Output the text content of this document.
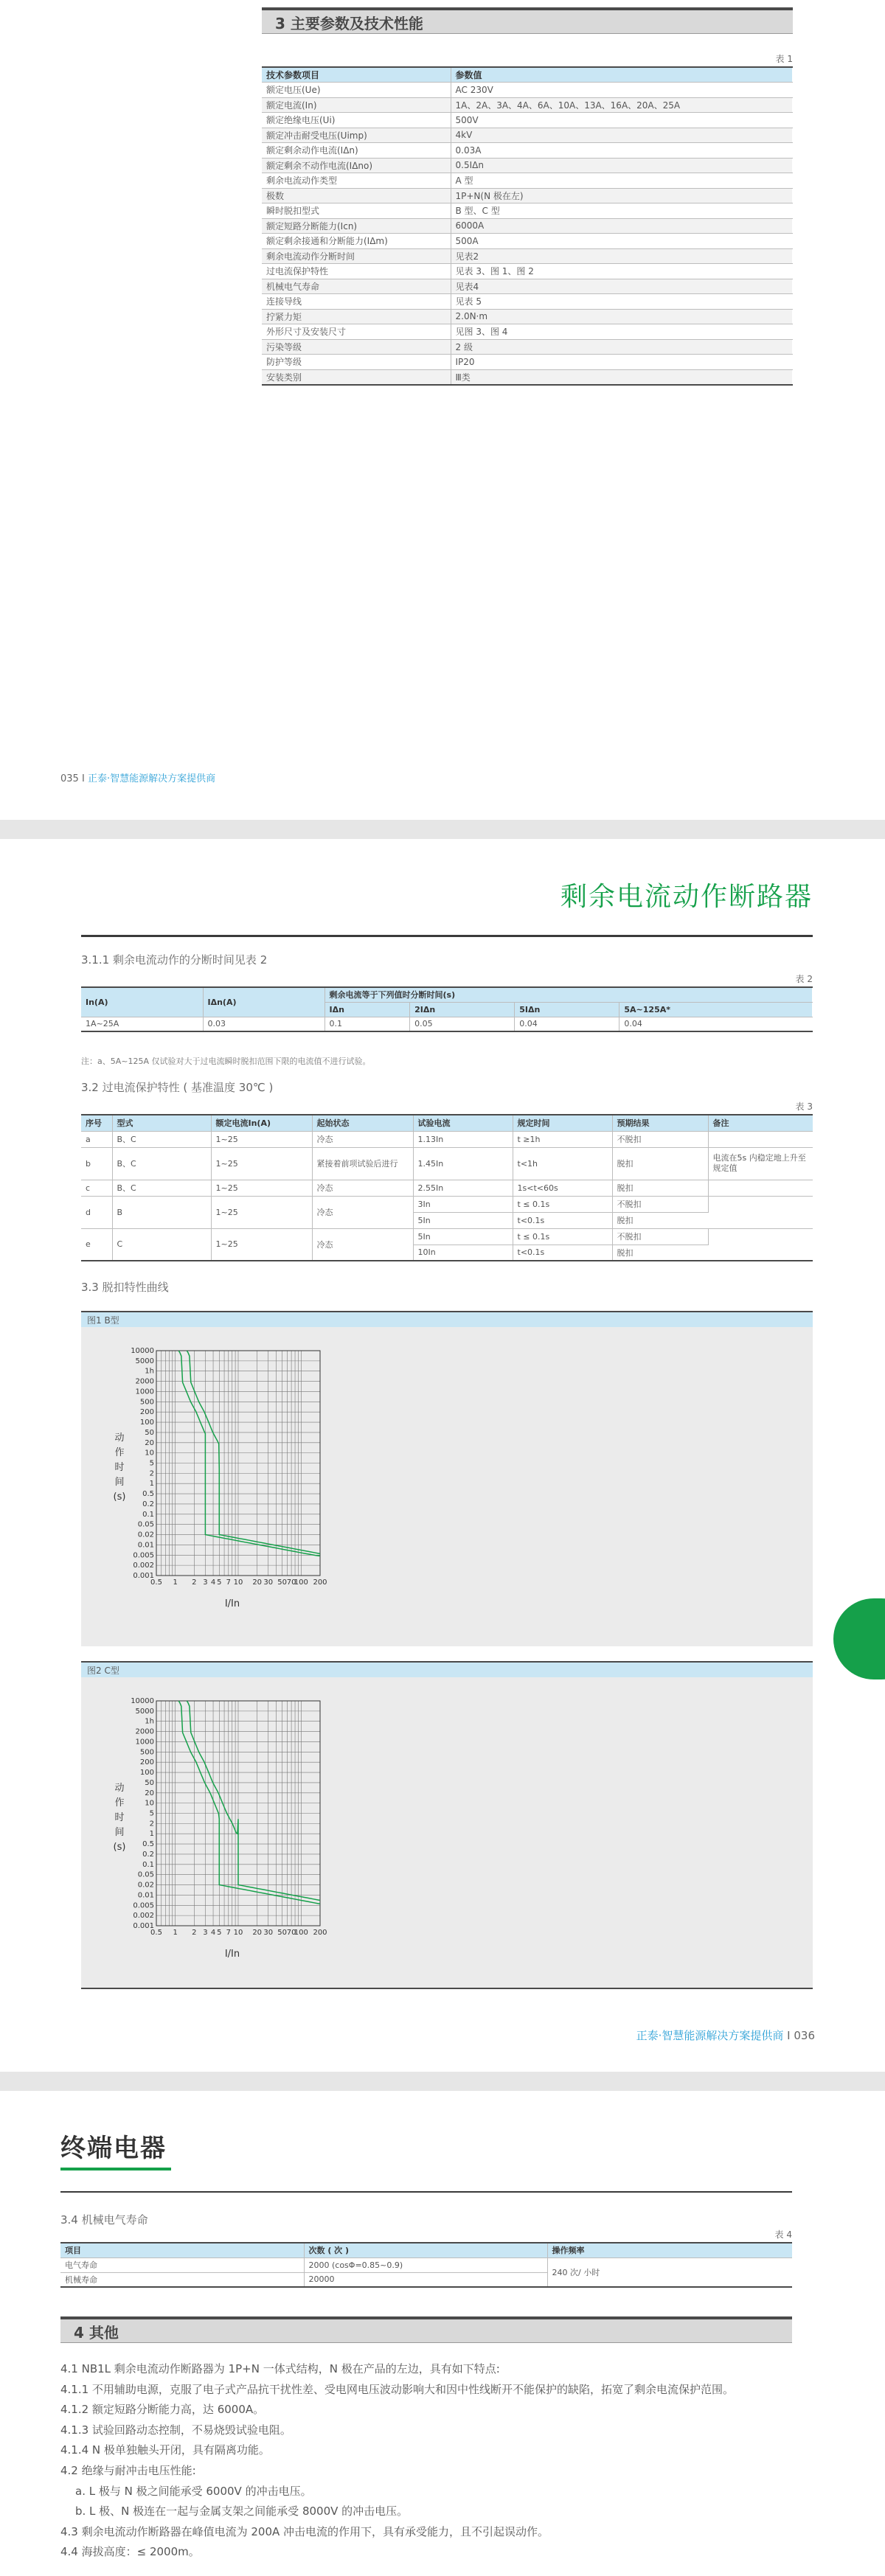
3 主要参数及技术性能
表 1
技术参数项目	参数值
额定电压(Ue)	AC 230V
额定电流(In)	1A、2A、3A、4A、6A、10A、13A、16A、20A、25A
额定绝缘电压(Ui)	500V
额定冲击耐受电压(Uimp)	4kV
额定剩余动作电流(IΔn)	0.03A
额定剩余不动作电流(IΔno)	0.5IΔn
剩余电流动作类型	A 型
极数	1P+N(N 极在左)
瞬时脱扣型式	B 型、C 型
额定短路分断能力(Icn)	6000A
额定剩余接通和分断能力(IΔm)	500A
剩余电流动作分断时间	见表2
过电流保护特性	见表 3、图 1、图 2
机械电气寿命	见表4
连接导线	见表 5
拧紧力矩	2.0N·m
外形尺寸及安装尺寸	见图 3、图 4
污染等级	2 级
防护等级	IP20
安装类别	Ⅲ类
035 I 正泰·智慧能源解决方案提供商
剩余电流动作断路器
3.1.1 剩余电流动作的分断时间见表 2
表 2
In(A)	IΔn(A)	剩余电流等于下列值时分断时间(s)			
		IΔn	2IΔn	5IΔn	5A~125A*
1A~25A	0.03	0.1	0.05	0.04	0.04
注：a、5A~125A 仅试验对大于过电流瞬时脱扣范围下限的电流值不进行试验。
3.2 过电流保护特性 ( 基准温度 30℃ )
表 3
序号	型式	额定电流In(A)	起始状态	试验电流	规定时间	预期结果	备注
a	B、C	1~25	冷态	1.13In	t ≥1h	不脱扣	
b	B、C	1~25	紧接着前项试验后进行	1.45In	t<1h	脱扣	电流在5s 内稳定地上升至规定值
c	B、C	1~25	冷态	2.55In	1s<t<60s	脱扣	
d	B	1~25	冷态	3In	t ≤ 0.1s	不脱扣	
				5In	t<0.1s	脱扣	
e	C	1~25	冷态	5In	t ≤ 0.1s	不脱扣	
				10In	t<0.1s	脱扣	
3.3 脱扣特性曲线
图1 B型
10000
5000
1h
2000
1000
500
200
100
50
20
10
5
2
1
0.5
0.2
0.1
0.05
0.02
0.01
0.005
0.002
0.001
0.5 1 2 3 4 5 7 10 20 30 50 70
100 200
动
作
时
间
(s)
I/In
图2 C型
10000
5000
1h
2000
1000
500
200
100
50
20
10
5
2
1
0.5
0.2
0.1
0.05
0.02
0.01
0.005
0.002
0.001
0.5 1 2 3 4 5 7 10 20 30 50 70
100 200
动
作
时
间
(s)
I/In
正泰·智慧能源解决方案提供商 I 036
终端电器
3.4 机械电气寿命
表 4
项目	次数 ( 次 )	操作频率
电气寿命	2000 (cosΦ=0.85~0.9)	240 次/ 小时
机械寿命	20000	
4 其他
4.1 NB1L 剩余电流动作断路器为 1P+N 一体式结构，N 极在产品的左边，具有如下特点:
4.1.1 不用辅助电源，克服了电子式产品抗干扰性差、受电网电压波动影响大和因中性线断开不能保护的缺陷，拓宽了剩余电流保护范围。
4.1.2 额定短路分断能力高，达 6000A。
4.1.3 试验回路动态控制，不易烧毁试验电阻。
4.1.4 N 极单独触头开闭，具有隔离功能。
4.2 绝缘与耐冲击电压性能:
a. L 极与 N 极之间能承受 6000V 的冲击电压。
b. L 极、N 极连在一起与金属支架之间能承受 8000V 的冲击电压。
4.3 剩余电流动作断路器在峰值电流为 200A 冲击电流的作用下，具有承受能力，且不引起误动作。
4.4 海拔高度：≤ 2000m。
